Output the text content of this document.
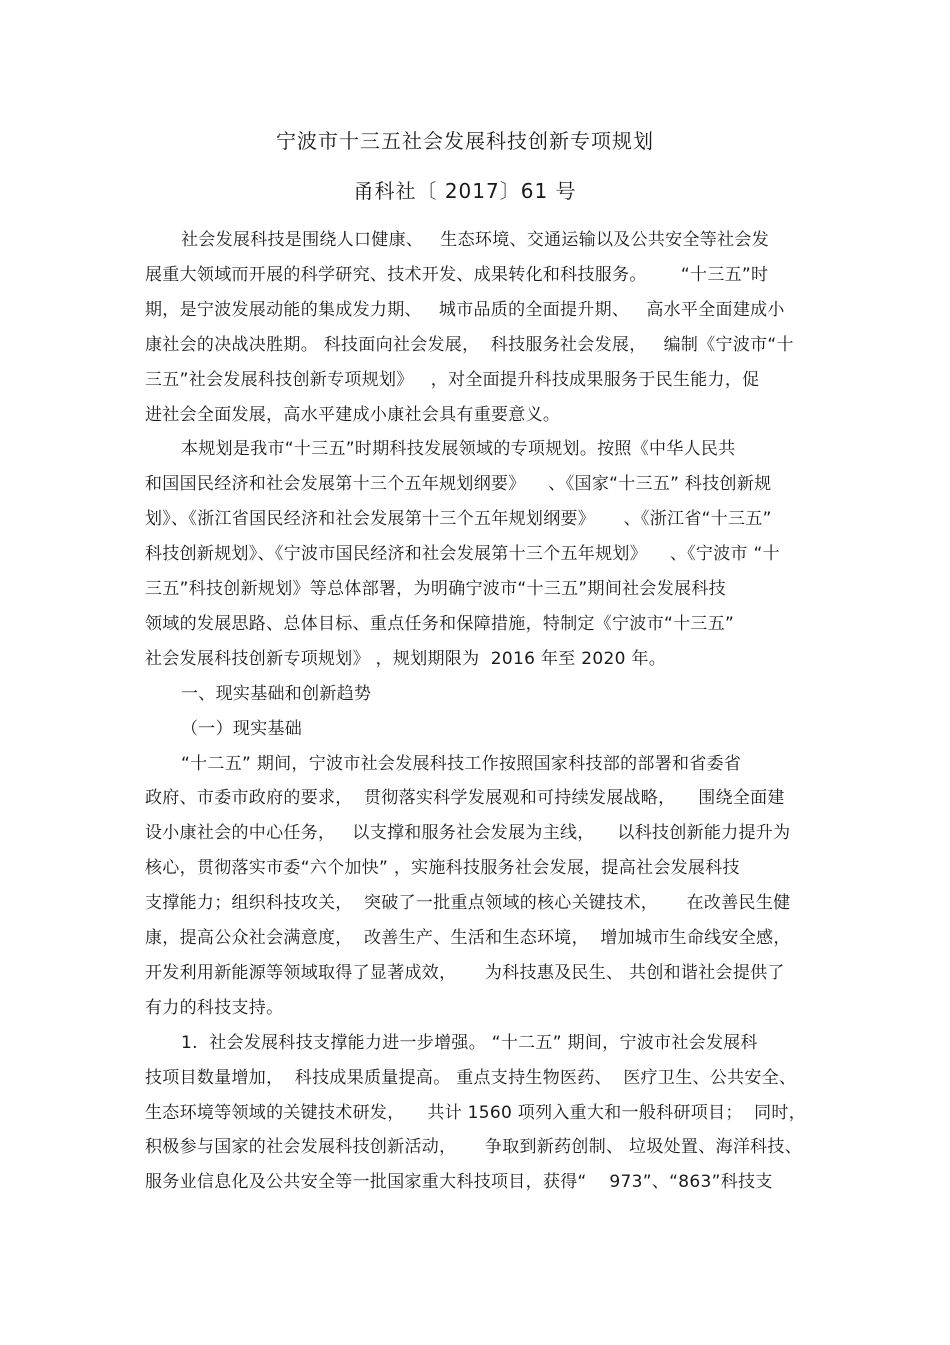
宁波市十三五社会发展科技创新专项规划
甬科社〔 2017〕61 号
社会发展科技是围绕人口健康、   生态环境、交通运输以及公共安全等社会发
展重大领域而开展的科学研究、技术开发、成果转化和科技服务。      “十三五”时
期，是宁波发展动能的集成发力期、   城市品质的全面提升期、   高水平全面建成小
康社会的决战决胜期。 科技面向社会发展，  科技服务社会发展，   编制《宁波市“十
三五”社会发展科技创新专项规划》   ，对全面提升科技成果服务于民生能力，促
进社会全面发展，高水平建成小康社会具有重要意义。
本规划是我市“十三五”时期科技发展领域的专项规划。按照《中华人民共
和国国民经济和社会发展第十三个五年规划纲要》    、《国家“十三五” 科技创新规
划》、《浙江省国民经济和社会发展第十三个五年规划纲要》     、《浙江省“十三五”
科技创新规划》、《宁波市国民经济和社会发展第十三个五年规划》    、《宁波市 “十
三五”科技创新规划》等总体部署，为明确宁波市“十三五”期间社会发展科技
领域的发展思路、总体目标、重点任务和保障措施，特制定《宁波市“十三五”
社会发展科技创新专项规划》 ，规划期限为  2016 年至 2020 年。
一、现实基础和创新趋势
（一）现实基础
“十二五” 期间，宁波市社会发展科技工作按照国家科技部的部署和省委省
政府、市委市政府的要求，  贯彻落实科学发展观和可持续发展战略，    围绕全面建
设小康社会的中心任务，   以支撑和服务社会发展为主线，    以科技创新能力提升为
核心，贯彻落实市委“六个加快” ，实施科技服务社会发展，提高社会发展科技
支撑能力；组织科技攻关，  突破了一批重点领域的核心关键技术，     在改善民生健
康，提高公众社会满意度，  改善生产、生活和生态环境，  增加城市生命线安全感，
开发利用新能源等领域取得了显著成效，     为科技惠及民生、 共创和谐社会提供了
有力的科技支持。
1.  社会发展科技支撑能力进一步增强。 “十二五” 期间，宁波市社会发展科
技项目数量增加，  科技成果质量提高。 重点支持生物医药、  医疗卫生、公共安全、
生态环境等领域的关键技术研发，    共计 1560 项列入重大和一般科研项目；  同时，
积极参与国家的社会发展科技创新活动，     争取到新药创制、 垃圾处置、海洋科技、
服务业信息化及公共安全等一批国家重大科技项目，获得“    973”、“863”科技支
